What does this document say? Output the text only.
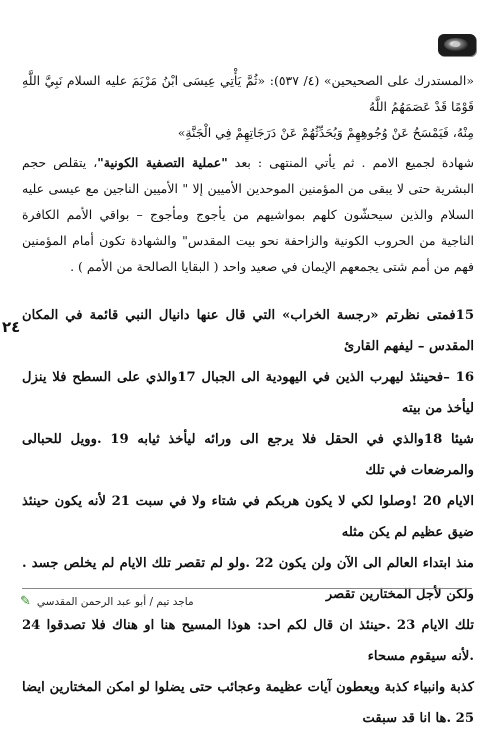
«المستدرك على الصحيحين» (٤/ ٥٣٧): «ثُمَّ يَأْتِي عِيسَى ابْنُ مَرْيَمَ عليه السلام نَبِيَّ اللَّهِ قَوْمًا قَدْ عَصَمَهُمُ اللَّهُ
مِنْهُ، فَيَمْسَحُ عَنْ وُجُوهِهِمْ وَيُحَدِّثُهُمْ عَنْ دَرَجَاتِهِمْ فِي الْجَنَّةِ»
شهادة لجميع الامم . ثم يأتي المنتهى : بعد "عملية التصفية الكونية"، يتقلص حجم البشرية حتى لا يبقى من المؤمنين الموحدين الأميين إلا " الأميين الناجين مع عيسى عليه السلام والذين سيحشّون كلهم بمواشيهم من يأجوج ومأجوج – بواقي الأمم الكافرة الناجية من الحروب الكونية والزاحفة نحو بيت المقدس" والشهادة تكون أمام المؤمنين فهم من أمم شتى يجمعهم الإيمان في صعيد واحد ( البقايا الصالحة من الأمم ) .
٢٤

15فمتى نظرتم «رجسة الخراب» التي قال عنها دانيال النبي قائمة في المكان المقدس – ليفهم القارئ

16 –فحينئذ ليهرب الذين في اليهودية الى الجبال 17والذي على السطح فلا ينزل ليأخذ من بيته

شيئا 18والذي في الحقل فلا يرجع الى ورائه ليأخذ ثيابه 19 .وويل للحبالى والمرضعات في تلك

الايام 20 !وصلوا لكي لا يكون هربكم في شتاء ولا في سبت 21 لأنه يكون حينئذ ضيق عظيم لم يكن مثله

منذ ابتداء العالم الى الآن ولن يكون 22 .ولو لم تقصر تلك الايام لم يخلص جسد . ولكن لأجل المختارين تقصر

تلك الايام 23 .حينئذ ان قال لكم احد: هوذا المسيح هنا او هناك فلا تصدقوا 24 .لأنه سيقوم مسحاء

كذبة وانبياء كذبة ويعطون آيات عظيمة وعجائب حتى يضلوا لو امكن المختارين ايضا 25 .ها انا قد سبقت

ماجد تيم / أبو عبد الرحمن المقدسي
✎
